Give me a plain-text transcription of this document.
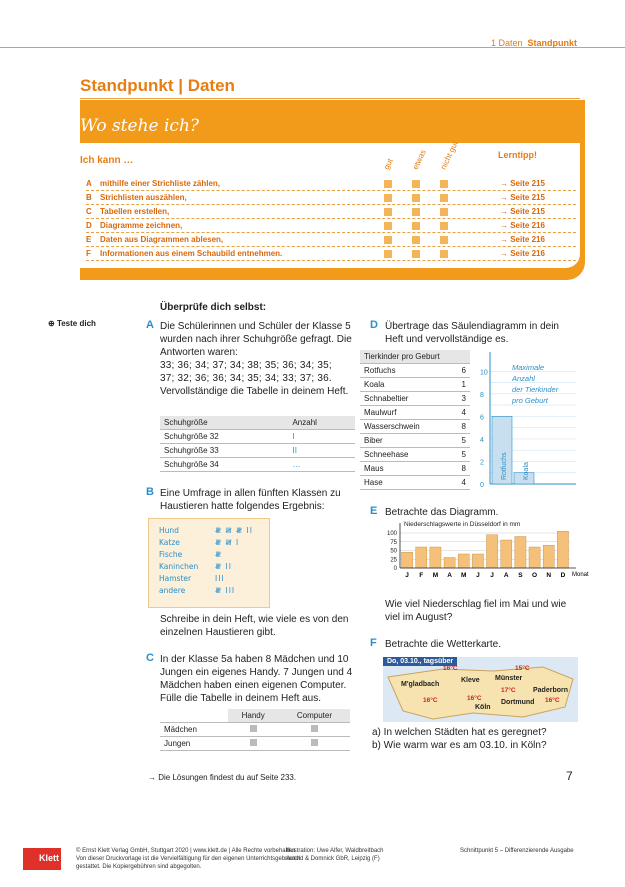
1 Daten Standpunkt
Standpunkt | Daten
Wo stehe ich?
Ich kann …	gut etwas nicht gut	Lerntipp!
A mithilfe einer Strichliste zählen,	→ Seite 215
B Strichlisten auszählen,	→ Seite 215
C Tabellen erstellen,	→ Seite 215
D Diagramme zeichnen,	→ Seite 216
E Daten aus Diagrammen ablesen,	→ Seite 216
F Informationen aus einem Schaubild entnehmen.	→ Seite 216
Überprüfe dich selbst:
⊕ Teste dich	A Die Schülerinnen und Schüler der Klasse 5 wurden nach ihrer Schuhgröße gefragt. Die Antworten waren:
33; 36; 34; 37; 34; 38; 35; 36; 34; 35;
37; 32; 36; 36; 34; 35; 34; 33; 37; 36.
Vervollständige die Tabelle in deinem Heft.
Schuhgröße	Anzahl
Schuhgröße 32	I
Schuhgröße 33	II
Schuhgröße 34	…
B Eine Umfrage in allen fünften Klassen zu Haustieren hatte folgendes Ergebnis:
Hund	𝍸 𝍸 𝍸 II
Katze	𝍸 𝍸 I
Fische	𝍸
Kaninchen 𝍸 II
Hamster	III
andere	𝍸 III
Schreibe in dein Heft, wie viele es von den einzelnen Haustieren gibt.
C In der Klasse 5a haben 8 Mädchen und 10 Jungen ein eigenes Handy. 7 Jungen und 4 Mädchen haben einen eigenen Computer. Fülle die Tabelle in deinem Heft aus.
	Handy	Computer
Mädchen		
Jungen		
D Übertrage das Säulendiagramm in dein Heft und vervollständige es.
Tierkinder pro Geburt	
Rotfuchs	6
Koala	1
Schnabeltier	3
Maulwurf	4
Wasserschwein	8
Biber	5
Schneehase	5
Maus	8
Hase	4 0
2
4
6
8
10
Rotfuchs Koala
Maximale
Anzahl
der Tierkinder
pro Geburt
E Betrachte das Diagramm.
Niederschlagswerte in Düsseldorf in mm
0
25
50
75
100
J F M A M J J A S O N D Monat
Wie viel Niederschlag fiel im Mai und wie viel im August?
F Betrachte die Wetterkarte.
Do, 03.10., tagsüber
M'gladbach
16°C
Kleve
15°C
Münster
17°C Paderborn
16°C
Dortmund
16°C
Köln
16°C
a) In welchen Städten hat es geregnet?
b) Wie warm war es am 03.10. in Köln?
→ Die Lösungen findest du auf Seite 233.	7
Klett
© Ernst Klett Verlag GmbH, Stuttgart 2020 | www.klett.de | Alle Rechte vorbehalten
Von dieser Druckvorlage ist die Vervielfältigung für den eigenen Unterrichtsgebrauch
gestattet. Die Kopiergebühren sind abgegolten.
Illustration: Uwe Alfer, Waldbreitbach
Arnold & Domnick GbR, Leipzig (F)
Schnittpunkt 5 – Differenzierende Ausgabe
